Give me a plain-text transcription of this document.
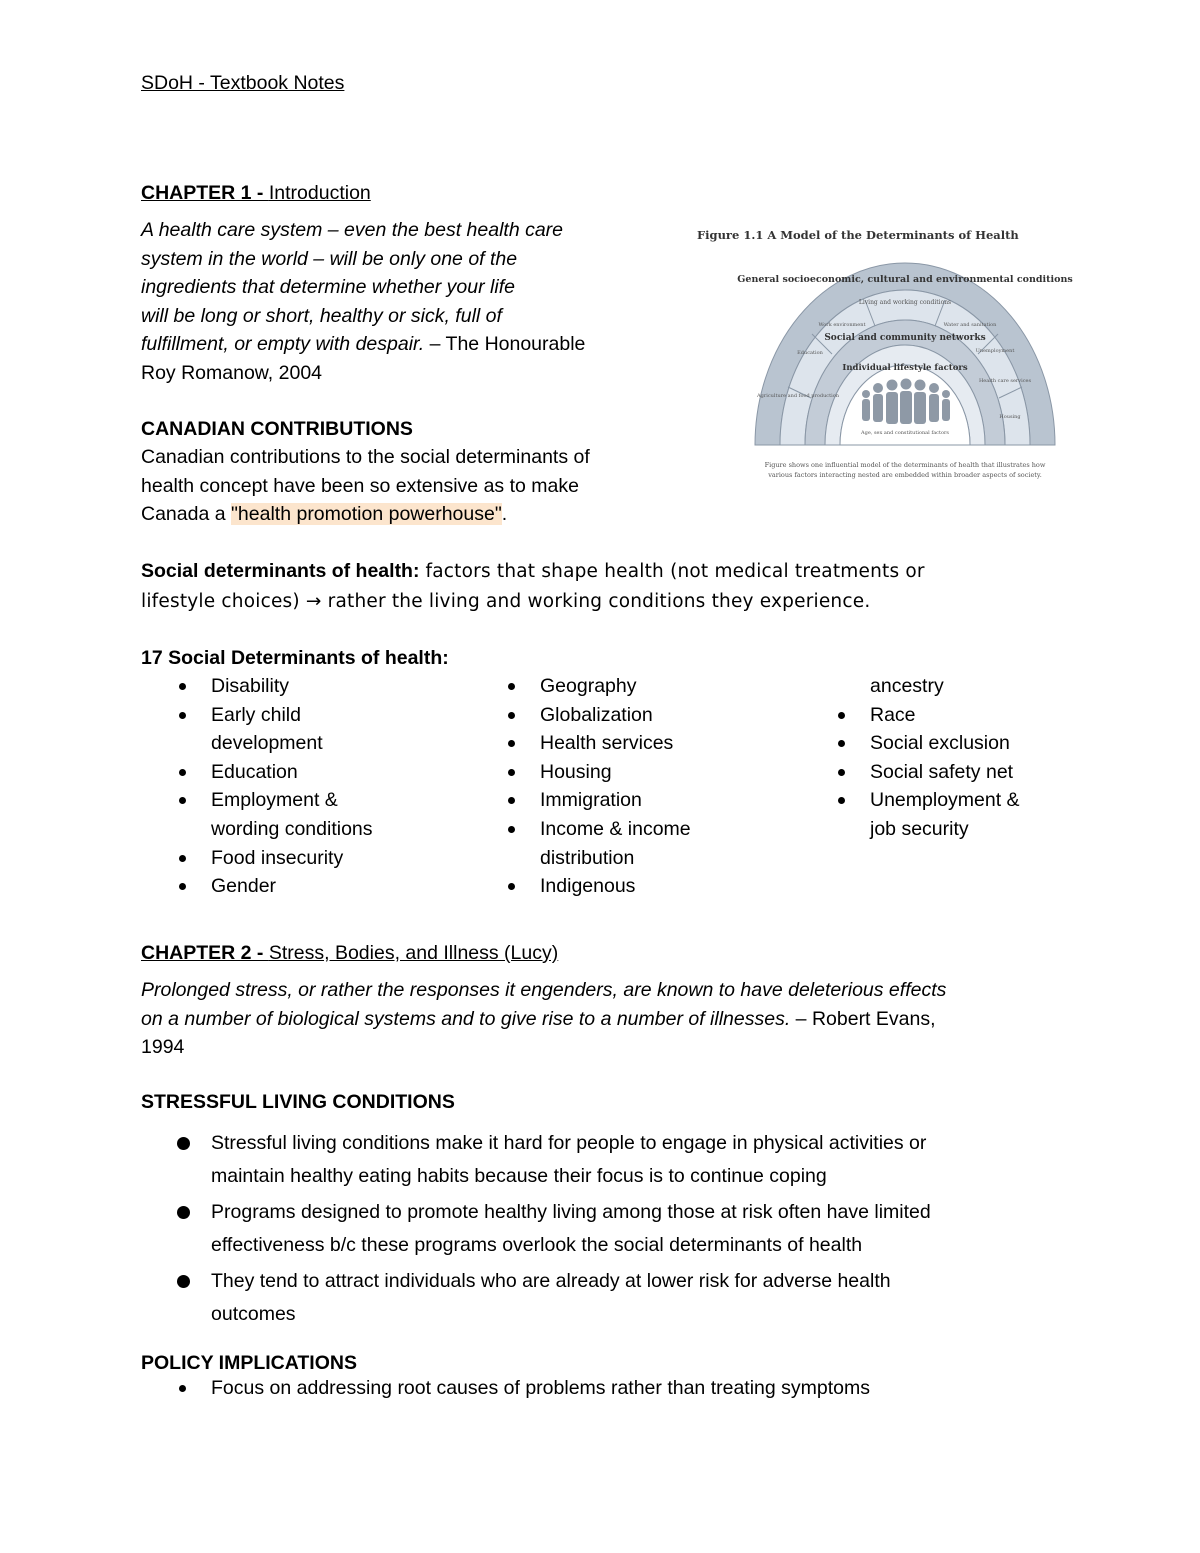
SDoH - Textbook Notes
CHAPTER 1 - Introduction
A health care system – even the best health care
system in the world – will be only one of the
ingredients that determine whether your life
will be long or short, healthy or sick, full of
fulfillment, or empty with despair. – The Honourable
Roy Romanow, 2004
CANADIAN CONTRIBUTIONS
Canadian contributions to the social determinants of
health concept have been so extensive as to make
Canada a "health promotion powerhouse".
Figure 1.1 A Model of the Determinants of Health
General socioeconomic, cultural and environmental conditions
Social and community networks
Individual lifestyle factors
Living and working conditions
Work environment
Education
Agriculture and food production
Water and sanitation
Unemployment
Health care services
Housing
Age, sex and constitutional factors
Figure shows one influential model of the determinants of health that illustrates how
various factors interacting nested are embedded within broader aspects of society.
Social determinants of health: factors that shape health (not medical treatments or
lifestyle choices) → rather the living and working conditions they experience.
17 Social Determinants of health:
Disability
Early child
development
Education
Employment &
wording conditions
Food insecurity
Gender
Geography
Globalization
Health services
Housing
Immigration
Income & income
distribution
Indigenous
ancestry
Race
Social exclusion
Social safety net
Unemployment &
job security
CHAPTER 2 - Stress, Bodies, and Illness (Lucy)
Prolonged stress, or rather the responses it engenders, are known to have deleterious effects
on a number of biological systems and to give rise to a number of illnesses. – Robert Evans,
1994
STRESSFUL LIVING CONDITIONS
Stressful living conditions make it hard for people to engage in physical activities or
maintain healthy eating habits because their focus is to continue coping
Programs designed to promote healthy living among those at risk often have limited
effectiveness b/c these programs overlook the social determinants of health
They tend to attract individuals who are already at lower risk for adverse health
outcomes
POLICY IMPLICATIONS
Focus on addressing root causes of problems rather than treating symptoms
